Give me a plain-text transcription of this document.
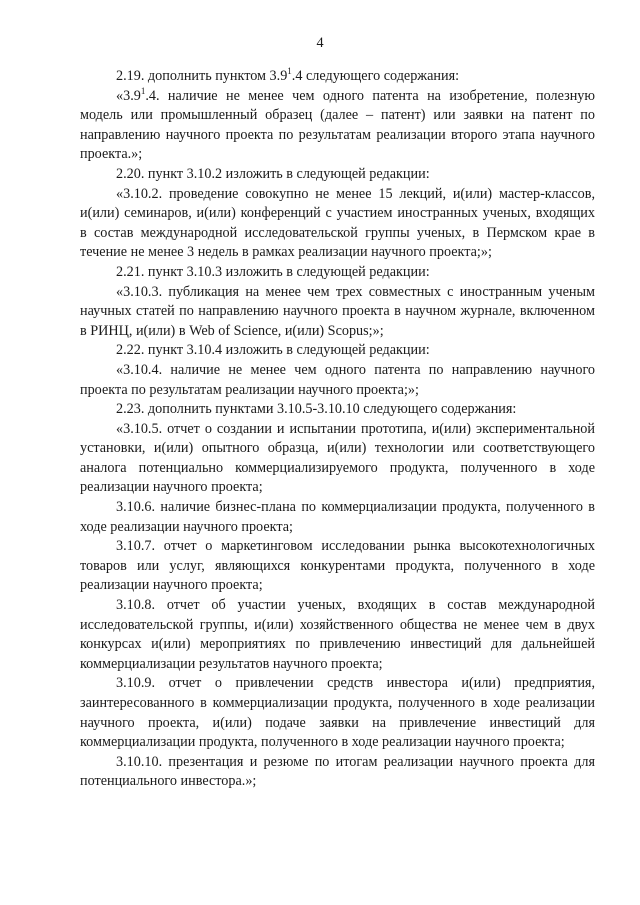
4

2.19. дополнить пунктом $3.9^1.4$ следующего содержания:

«$3.9^1.4$. наличие не менее чем одного патента на изобретение, полезную модель или промышленный образец (далее – патент) или заявки на патент по направлению научного проекта по результатам реализации второго этапа научного проекта.»;

2.20. пункт 3.10.2 изложить в следующей редакции:

«3.10.2. проведение совокупно не менее 15 лекций, и(или) мастер-классов, и(или) семинаров, и(или) конференций с участием иностранных ученых, входящих в состав международной исследовательской группы ученых, в Пермском крае в течение не менее 3 недель в рамках реализации научного проекта;»;

2.21. пункт 3.10.3 изложить в следующей редакции:

«3.10.3. публикация на менее чем трех совместных с иностранным ученым научных статей по направлению научного проекта в научном журнале, включенном в РИНЦ, и(или) в Web of Science, и(или) Scopus;»;

2.22. пункт 3.10.4 изложить в следующей редакции:

«3.10.4. наличие не менее чем одного патента по направлению научного проекта по результатам реализации научного проекта;»;

2.23. дополнить пунктами 3.10.5-3.10.10 следующего содержания:

«3.10.5. отчет о создании и испытании прототипа, и(или) экспериментальной установки, и(или) опытного образца, и(или) технологии или соответствующего аналога потенциально коммерциализируемого продукта, полученного в ходе реализации научного проекта;

3.10.6. наличие бизнес-плана по коммерциализации продукта, полученного в ходе реализации научного проекта;

3.10.7. отчет о маркетинговом исследовании рынка высокотехнологичных товаров или услуг, являющихся конкурентами продукта, полученного в ходе реализации научного проекта;

3.10.8. отчет об участии ученых, входящих в состав международной исследовательской группы, и(или) хозяйственного общества не менее чем в двух конкурсах и(или) мероприятиях по привлечению инвестиций для дальнейшей коммерциализации результатов научного проекта;

3.10.9. отчет о привлечении средств инвестора и(или) предприятия, заинтересованного в коммерциализации продукта, полученного в ходе реализации научного проекта, и(или) подаче заявки на привлечение инвестиций для коммерциализации продукта, полученного в ходе реализации научного проекта;

3.10.10. презентация и резюме по итогам реализации научного проекта для потенциального инвестора.»;
